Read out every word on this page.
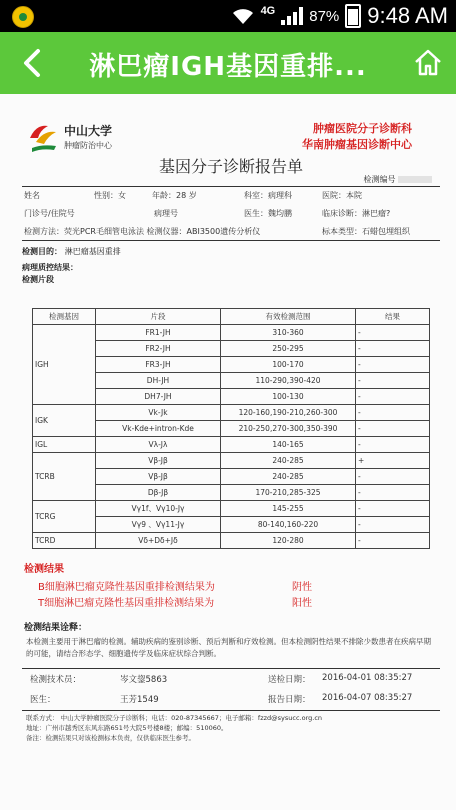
4G 87% 9:48 AM
淋巴瘤IGH基因重排...
中山大学
肿瘤防治中心
肿瘤医院分子诊断科
华南肿瘤基因诊断中心
基因分子诊断报告单
检测编号
姓名	性别：女	年龄：28 岁	科室：病理科	医院：本院
门诊号/住院号	病理号	医生：魏均鹏	临床诊断：淋巴瘤?
检测方法：荧光PCR毛细管电泳法 检测仪器：ABI3500遗传分析仪	标本类型：石蜡包埋组织
检测目的： 淋巴瘤基因重排
病理质控结果：
检测片段
检测基因	片段	有效检测范围	结果
IGH	FR1-JH	310-360	-
	FR2-JH	250-295	-
	FR3-JH	100-170	-
	DH-JH	110-290,390-420	-
	DH7-JH	100-130	-
IGK	Vk-Jk	120-160,190-210,260-300	-
	Vk-Kde+intron-Kde	210-250,270-300,350-390	-
IGL	Vλ-Jλ	140-165	-
TCRB	Vβ-Jβ	240-285	+
	Vβ-Jβ	240-285	-
	Dβ-Jβ	170-210,285-325	-
TCRG	Vγ1f、Vγ10-Jγ	145-255	-
	Vγ9 、Vγ11-Jγ	80-140,160-220	-
TCRD	Vδ+Dδ+Jδ	120-280	-
检测结果
B细胞淋巴瘤克隆性基因重排检测结果为	阴性
T细胞淋巴瘤克隆性基因重排检测结果为	阳性
检测结果诠释：
本检测主要用于淋巴瘤的检测。辅助疾病的鉴别诊断、预后判断和疗效检测。但本检测阴性结果不排除少数患者在疾病早期的可能，请结合形态学、细胞遗传学及临床症状综合判断。
检测技术员：	岑文鋆5863	送检日期： 2016-04-01 08:35:27
医生：	王芳1549	报告日期： 2016-04-07 08:35:27
联系方式： 中山大学肿瘤医院分子诊断科；电话：020-87345667；电子邮箱：fzzd@sysucc.org.cn
地址：广州市越秀区东风东路651号大院5号楼8楼；邮编：510060。
备注：检测结果只对该检测标本负责，仅供临床医生参考。
